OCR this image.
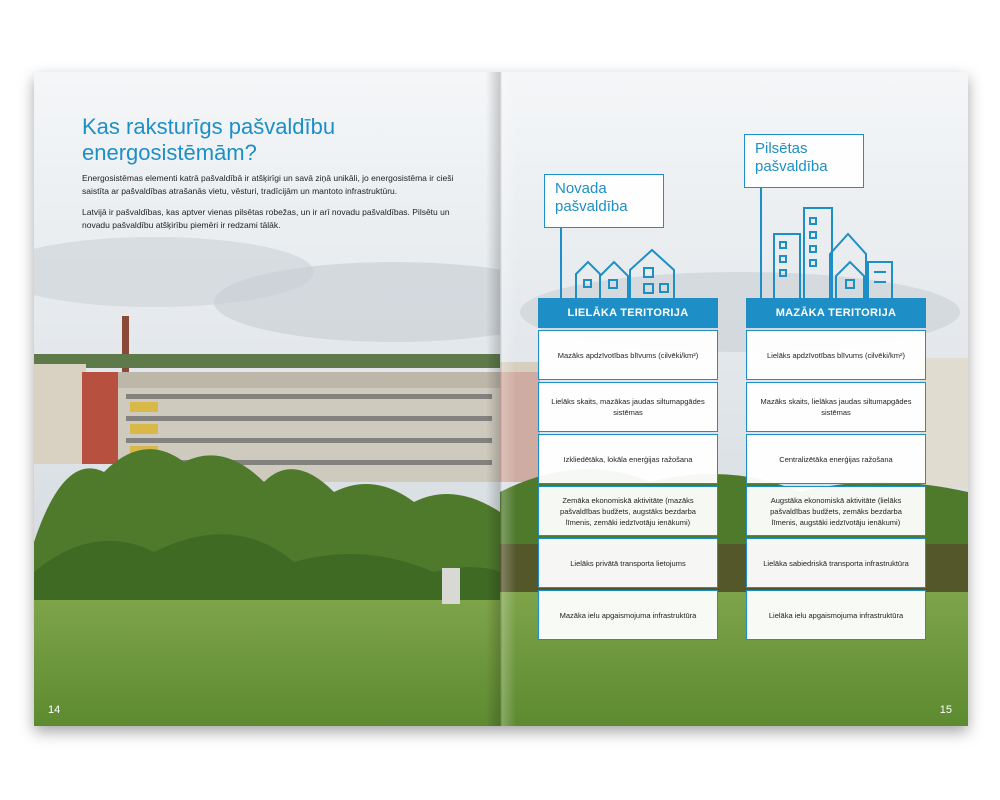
Kas raksturīgs pašvaldību energosistēmām?

Energosistēmas elementi katrā pašvaldībā ir atšķirīgi un savā ziņā unikāli, jo energosistēma ir cieši saistīta ar pašvaldības atrašanās vietu, vēsturi, tradīcijām un mantoto infrastruktūru.

Latvijā ir pašvaldības, kas aptver vienas pilsētas robežas, un ir arī novadu pašvaldības. Pilsētu un novadu pašvaldību atšķirību piemēri ir redzami tālāk.

14
Novada
pašvaldība
Pilsētas
pašvaldība
LIELĀKA TERITORIJA
Mazāks apdzīvotības blīvums (cilvēki/km²)
Lielāks skaits, mazākas jaudas siltumapgādes sistēmas
Izkliedētāka, lokāla enerģijas ražošana
Zemāka ekonomiskā aktivitāte (mazāks pašvaldības budžets, augstāks bezdarba līmenis, zemāki iedzīvotāju ienākumi)
Lielāks privātā transporta lietojums
Mazāka ielu apgaismojuma infrastruktūra
MAZĀKA TERITORIJA
Lielāks apdzīvotības blīvums (cilvēki/km²)
Mazāks skaits, lielākas jaudas siltumapgādes sistēmas
Centralizētāka enerģijas ražošana
Augstāka ekonomiskā aktivitāte (lielāks pašvaldības budžets, zemāks bezdarba līmenis, augstāki iedzīvotāju ienākumi)
Lielāka sabiedriskā transporta infrastruktūra
Lielāka ielu apgaismojuma infrastruktūra
15
